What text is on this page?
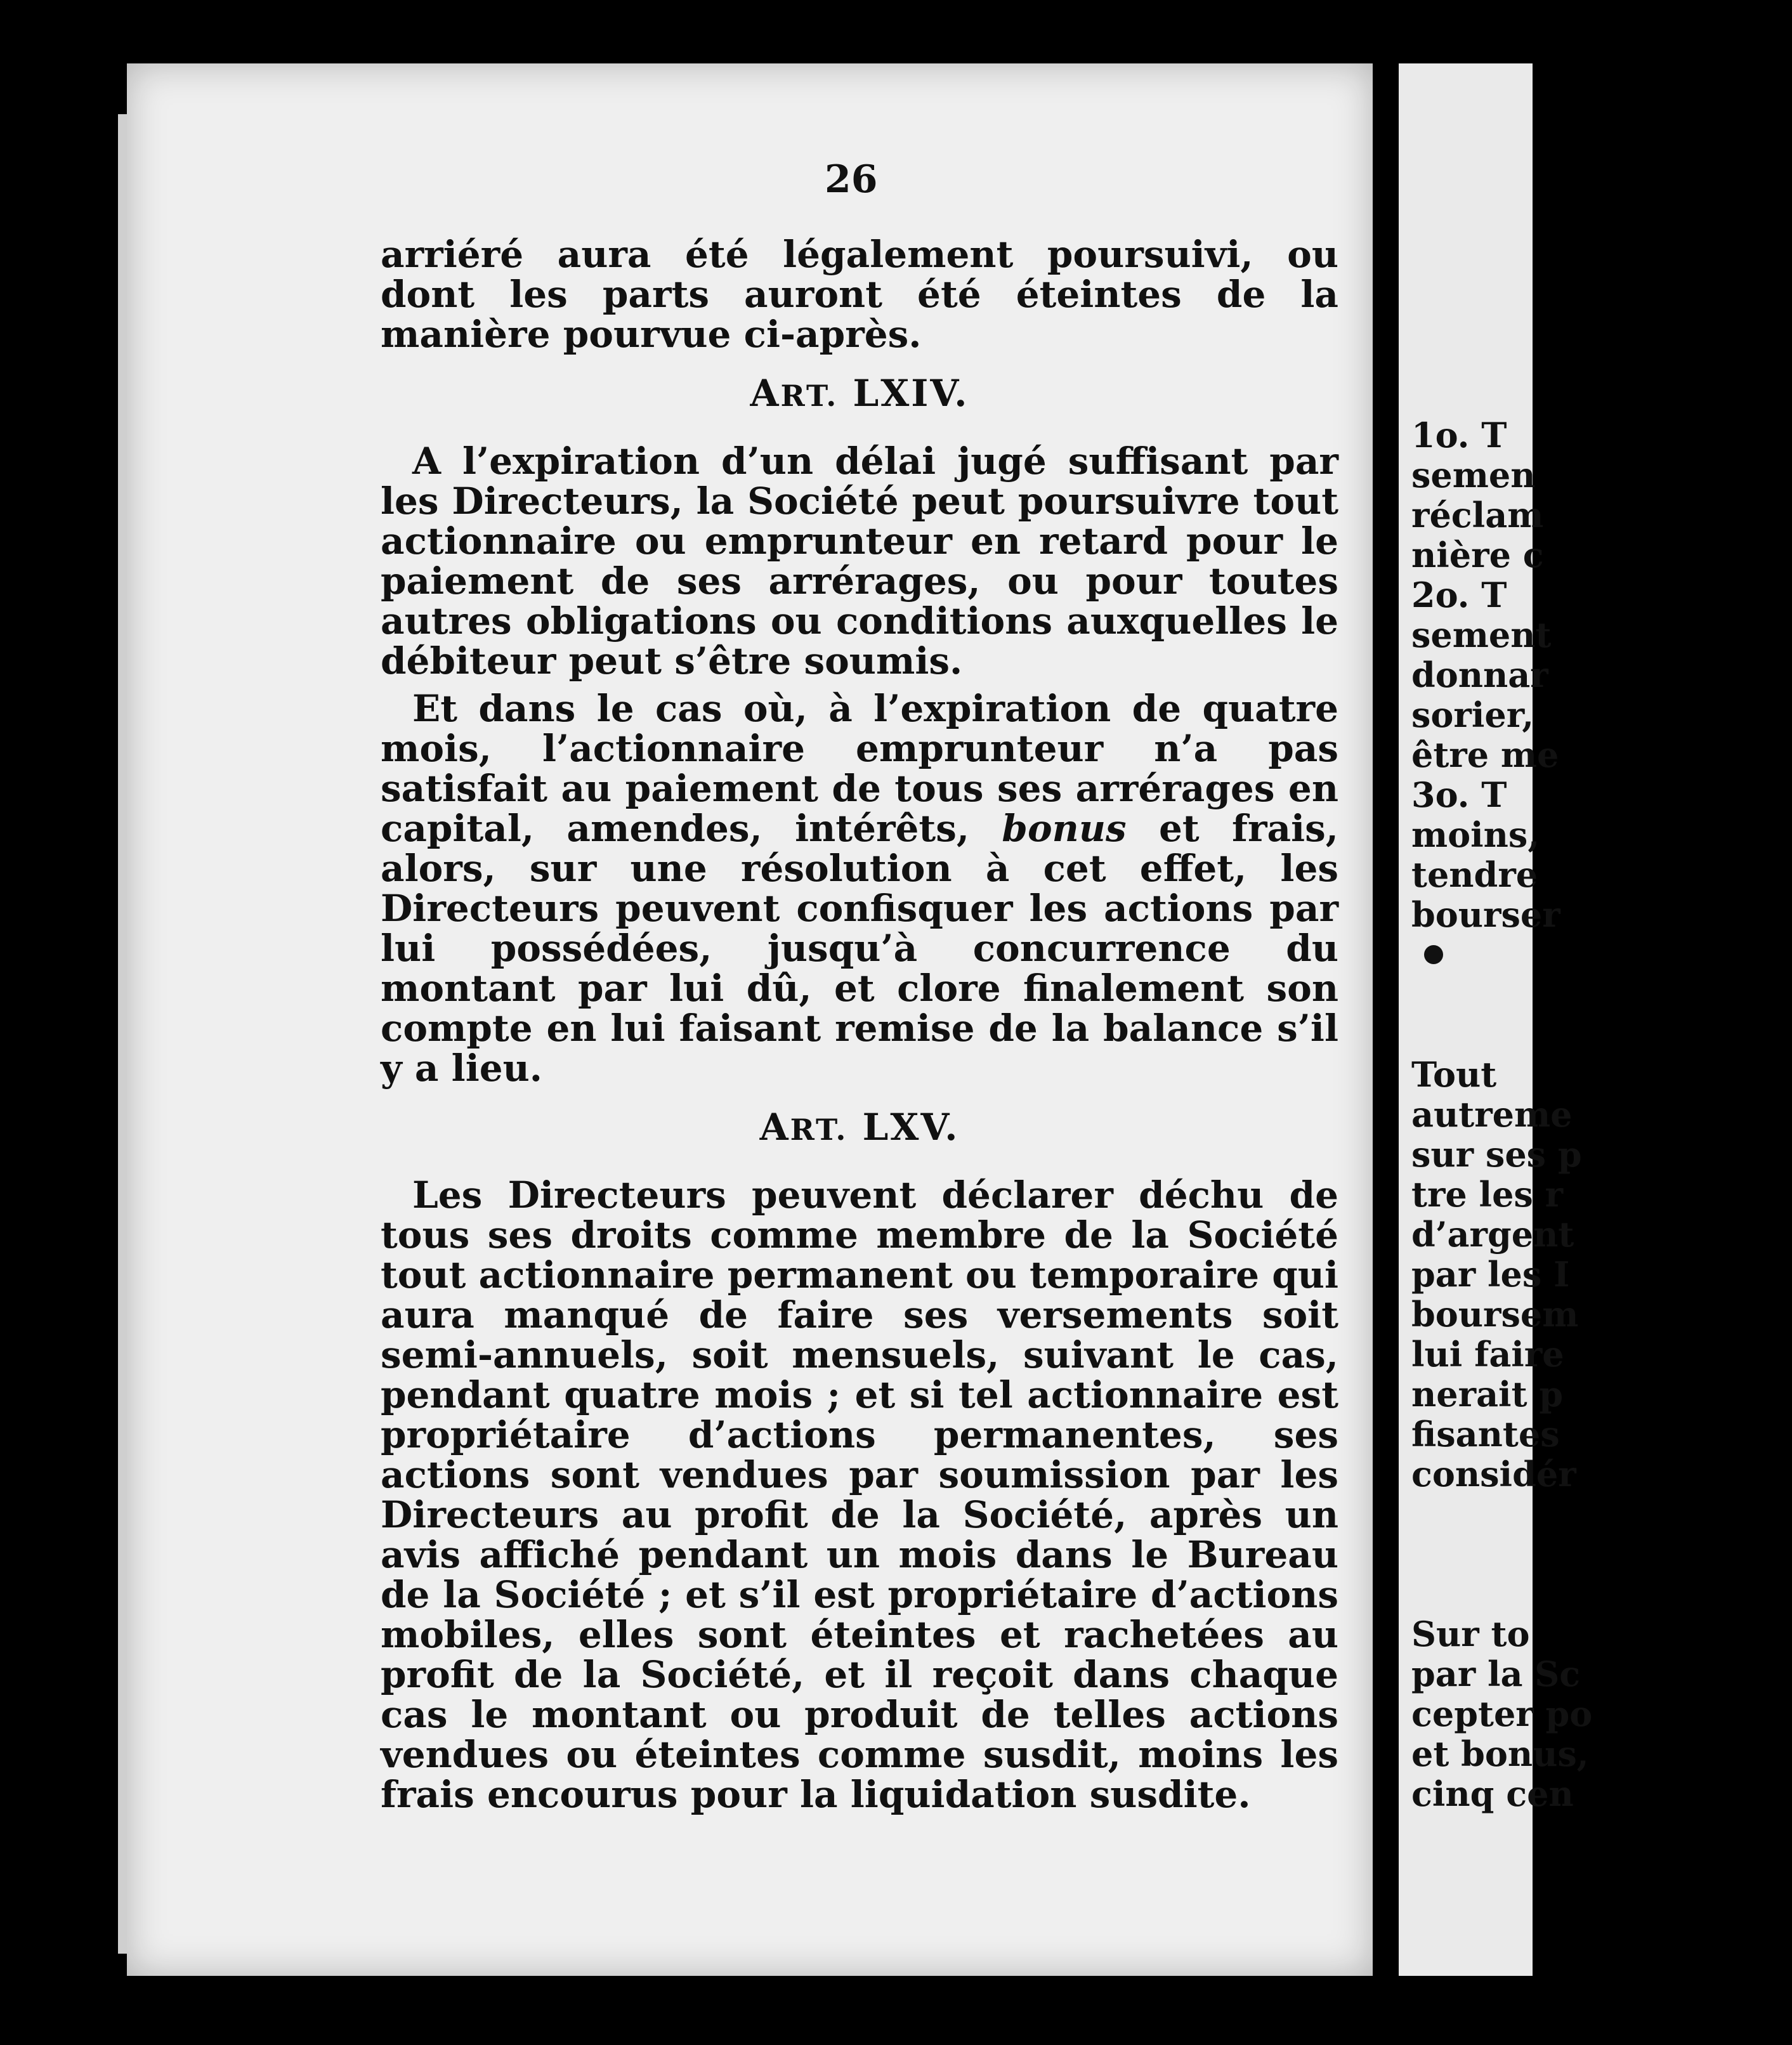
26

arriéré aura été légalement poursuivi, ou dont les parts auront été éteintes de la manière pourvue ci-après.

ART. LXIV.

A l’expiration d’un délai jugé suffisant par les Directeurs, la Société peut poursuivre tout actionnaire ou emprunteur en retard pour le paiement de ses arrérages, ou pour toutes autres obligations ou conditions auxquelles le débiteur peut s’être soumis.

Et dans le cas où, à l’expiration de quatre mois, l’actionnaire emprunteur n’a pas satisfait au paiement de tous ses arrérages en capital, amendes, intérêts, bonus et frais, alors, sur une résolution à cet effet, les Directeurs peuvent confisquer les actions par lui possédées, jusqu’à concurrence du montant par lui dû, et clore finalement son compte en lui faisant remise de la balance s’il y a lieu.

ART. LXV.

Les Directeurs peuvent déclarer déchu de tous ses droits comme membre de la Société tout actionnaire permanent ou temporaire qui aura manqué de faire ses versements soit semi-annuels, soit mensuels, suivant le cas, pendant quatre mois ; et si tel actionnaire est propriétaire d’actions permanentes, ses actions sont vendues par soumission par les Directeurs au profit de la Société, après un avis affiché pendant un mois dans le Bureau de la Société ; et s’il est propriétaire d’actions mobiles, elles sont éteintes et rachetées au profit de la Société, et il reçoit dans chaque cas le montant ou produit de telles actions vendues ou éteintes comme susdit, moins les frais encourus pour la liquidation susdite.

1o. T
semen
réclam
nière c
2o. T
sement
donnar
sorier,
être me
3o. T
moins,
tendre
bourser
Tout
autreme
sur ses p
tre les r
d’argent
par les I
boursem
lui faire
nerait p
fisantes
considér
Sur to
par la Sc
cepter po
et bonus,
cinq cen
